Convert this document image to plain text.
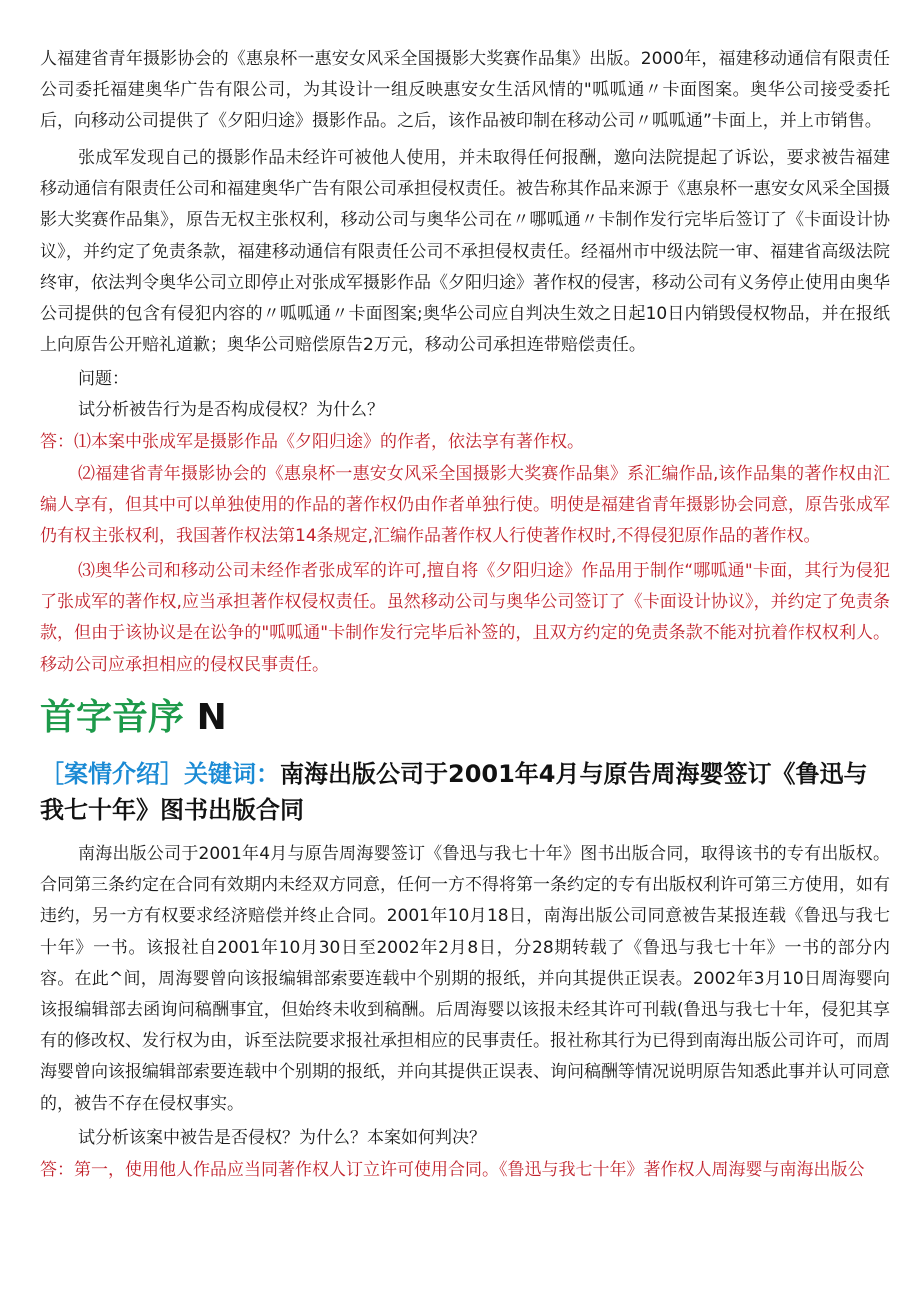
人福建省青年摄影协会的《惠泉杯一惠安女风采全国摄影大奖赛作品集》出版。2000年，福建移动通信有限责任公司委托福建奥华广告有限公司，为其设计一组反映惠安女生活风情的"呱呱通〃卡面图案。奥华公司接受委托后，向移动公司提供了《夕阳归途》摄影作品。之后，该作品被印制在移动公司〃呱呱通”卡面上，并上市销售。

张成军发现自己的摄影作品未经许可被他人使用，并未取得任何报酬，邀向法院提起了诉讼，要求被告福建移动通信有限责任公司和福建奥华广告有限公司承担侵权责任。被告称其作品来源于《惠泉杯一惠安女风采全国摄影大奖赛作品集》，原告无权主张权利，移动公司与奥华公司在〃哪呱通〃卡制作发行完毕后签订了《卡面设计协议》，并约定了免责条款，福建移动通信有限责任公司不承担侵权责任。经福州市中级法院一审、福建省高级法院终审，依法判令奥华公司立即停止对张成军摄影作品《夕阳归途》著作权的侵害，移动公司有义务停止使用由奥华公司提供的包含有侵犯内容的〃呱呱通〃卡面图案;奥华公司应自判决生效之日起10日内销毁侵权物品，并在报纸上向原告公开赔礼道歉；奥华公司赔偿原告2万元，移动公司承担连带赔偿责任。

问题：

试分析被告行为是否构成侵权？为什么？

答：⑴本案中张成军是摄影作品《夕阳归途》的作者，依法享有著作权。

⑵福建省青年摄影协会的《惠泉杯一惠安女风采全国摄影大奖赛作品集》系汇编作品,该作品集的著作权由汇编人享有，但其中可以单独使用的作品的著作权仍由作者单独行使。明使是福建省青年摄影协会同意，原告张成军仍有权主张权利，我国著作权法第14条规定,汇编作品著作权人行使著作权时,不得侵犯原作品的著作权。

⑶奥华公司和移动公司未经作者张成军的许可,擅自将《夕阳归途》作品用于制作“哪呱通"卡面，其行为侵犯了张成军的著作权,应当承担著作权侵权责任。虽然移动公司与奥华公司签订了《卡面设计协议》，并约定了免责条款，但由于该协议是在讼争的"呱呱通"卡制作发行完毕后补签的，且双方约定的免责条款不能对抗着作权权利人。移动公司应承担相应的侵权民事责任。

首字音序 N
［案情介绍］关键词：南海出版公司于2001年4月与原告周海婴签订《鲁迅与我七十年》图书出版合同

南海出版公司于2001年4月与原告周海婴签订《鲁迅与我七十年》图书出版合同，取得该书的专有出版权。合同第三条约定在合同有效期内未经双方同意，任何一方不得将第一条约定的专有出版权利许可第三方使用，如有违约，另一方有权要求经济赔偿并终止合同。2001年10月18日，南海出版公司同意被告某报连载《鲁迅与我七十年》一书。该报社自2001年10月30日至2002年2月8日，分28期转载了《鲁迅与我七十年》一书的部分内容。在此^间，周海婴曾向该报编辑部索要连载中个别期的报纸，并向其提供正误表。2002年3月10日周海婴向该报编辑部去函询问稿酬事宜，但始终未收到稿酬。后周海婴以该报未经其许可刊载(鲁迅与我七十年，侵犯其享有的修改权、发行权为由，诉至法院要求报社承担相应的民事责任。报社称其行为已得到南海出版公司许可，而周海婴曾向该报编辑部索要连载中个别期的报纸，并向其提供正误表、询问稿酬等情况说明原告知悉此事并认可同意的，被告不存在侵权事实。

试分析该案中被告是否侵权？为什么？本案如何判决？

答：第一，使用他人作品应当同著作权人订立许可使用合同。《鲁迅与我七十年》著作权人周海婴与南海出版公
